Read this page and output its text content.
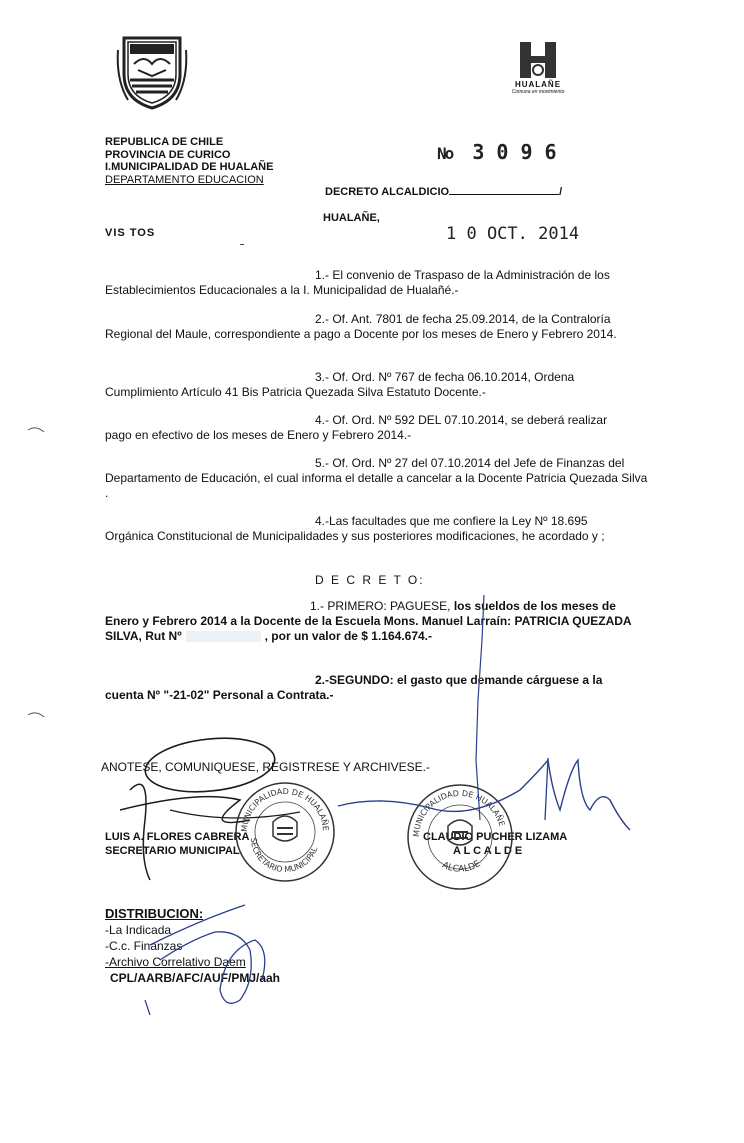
HUALAÑE
Comuna en movimiento
REPUBLICA DE CHILE
PROVINCIA DE CURICO
I.MUNICIPALIDAD DE HUALAÑE
DEPARTAMENTO EDUCACION
No 3 0 9 6
DECRETO ALCALDICIO	/
HUALAÑE,
1 0 OCT. 2014
VIS TOS
1.- El convenio de Traspaso de la Administración de los
Establecimientos Educacionales a la I. Municipalidad de Hualañé.-
2.- Of. Ant. 7801 de fecha 25.09.2014, de la Contraloría
Regional del Maule, correspondiente a pago a Docente por los meses de Enero y Febrero 2014.
3.- Of. Ord. Nº 767 de fecha 06.10.2014, Ordena
Cumplimiento Artículo 41 Bis Patricia Quezada Silva Estatuto Docente.-
4.- Of. Ord. Nº 592 DEL 07.10.2014, se deberá realizar
pago en efectivo de los meses de Enero y Febrero 2014.-
5.- Of. Ord. Nº 27 del 07.10.2014 del Jefe de Finanzas del
Departamento de Educación, el cual informa el detalle a cancelar a la Docente Patricia Quezada Silva .
4.-Las facultades que me confiere la Ley Nº 18.695
Orgánica Constitucional de Municipalidades y sus posteriores modificaciones, he acordado y ;
D E C R E T O:
1.- PRIMERO: PAGUESE, los sueldos de los meses de
Enero y Febrero 2014 a la Docente de la Escuela Mons. Manuel Larraín: PATRICIA QUEZADA SILVA, Rut Nº	, por un valor de $ 1.164.674.-
2.-SEGUNDO: el gasto que demande cárguese a la
cuenta Nº "-21-02" Personal a Contrata.-
ANOTESE, COMUNIQUESE, REGISTRESE Y ARCHIVESE.-
LUIS A. FLORES CABRERA
SECRETARIO MUNICIPAL
CLAUDIO PUCHER LIZAMA
A L C A L D E
MUNICIPALIDAD DE HUALAÑE
SECRETARIO MUNICIPAL
MUNICIPALIDAD DE HUALAÑE
ALCALDE
DISTRIBUCION:
-La Indicada
-C.c. Finanzas
-Archivo Correlativo Daem
CPL/AARB/AFC/AUF/PMJ/aah
